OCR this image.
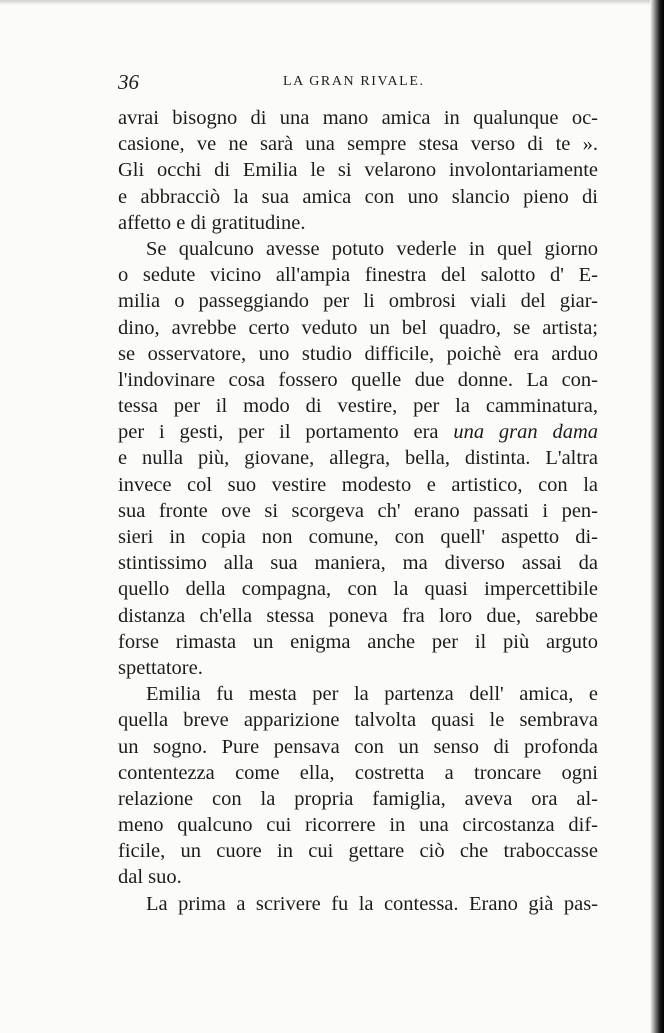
36	LA GRAN RIVALE.
avrai bisogno di una mano amica in qualunque oc-
casione, ve ne sarà una sempre stesa verso di te ».
Gli occhi di Emilia le si velarono involontariamente
e abbracciò la sua amica con uno slancio pieno di
affetto e di gratitudine.
Se qualcuno avesse potuto vederle in quel giorno
o sedute vicino all'ampia finestra del salotto d' E-
milia o passeggiando per li ombrosi viali del giar-
dino, avrebbe certo veduto un bel quadro, se artista;
se osservatore, uno studio difficile, poichè era arduo
l'indovinare cosa fossero quelle due donne. La con-
tessa per il modo di vestire, per la camminatura,
per i gesti, per il portamento era una gran dama
e nulla più, giovane, allegra, bella, distinta. L'altra
invece col suo vestire modesto e artistico, con la
sua fronte ove si scorgeva ch' erano passati i pen-
sieri in copia non comune, con quell' aspetto di-
stintissimo alla sua maniera, ma diverso assai da
quello della compagna, con la quasi impercettibile
distanza ch'ella stessa poneva fra loro due, sarebbe
forse rimasta un enigma anche per il più arguto
spettatore.
Emilia fu mesta per la partenza dell' amica, e
quella breve apparizione talvolta quasi le sembrava
un sogno. Pure pensava con un senso di profonda
contentezza come ella, costretta a troncare ogni
relazione con la propria famiglia, aveva ora al-
meno qualcuno cui ricorrere in una circostanza dif-
ficile, un cuore in cui gettare ciò che traboccasse
dal suo.
La prima a scrivere fu la contessa. Erano già pas-
